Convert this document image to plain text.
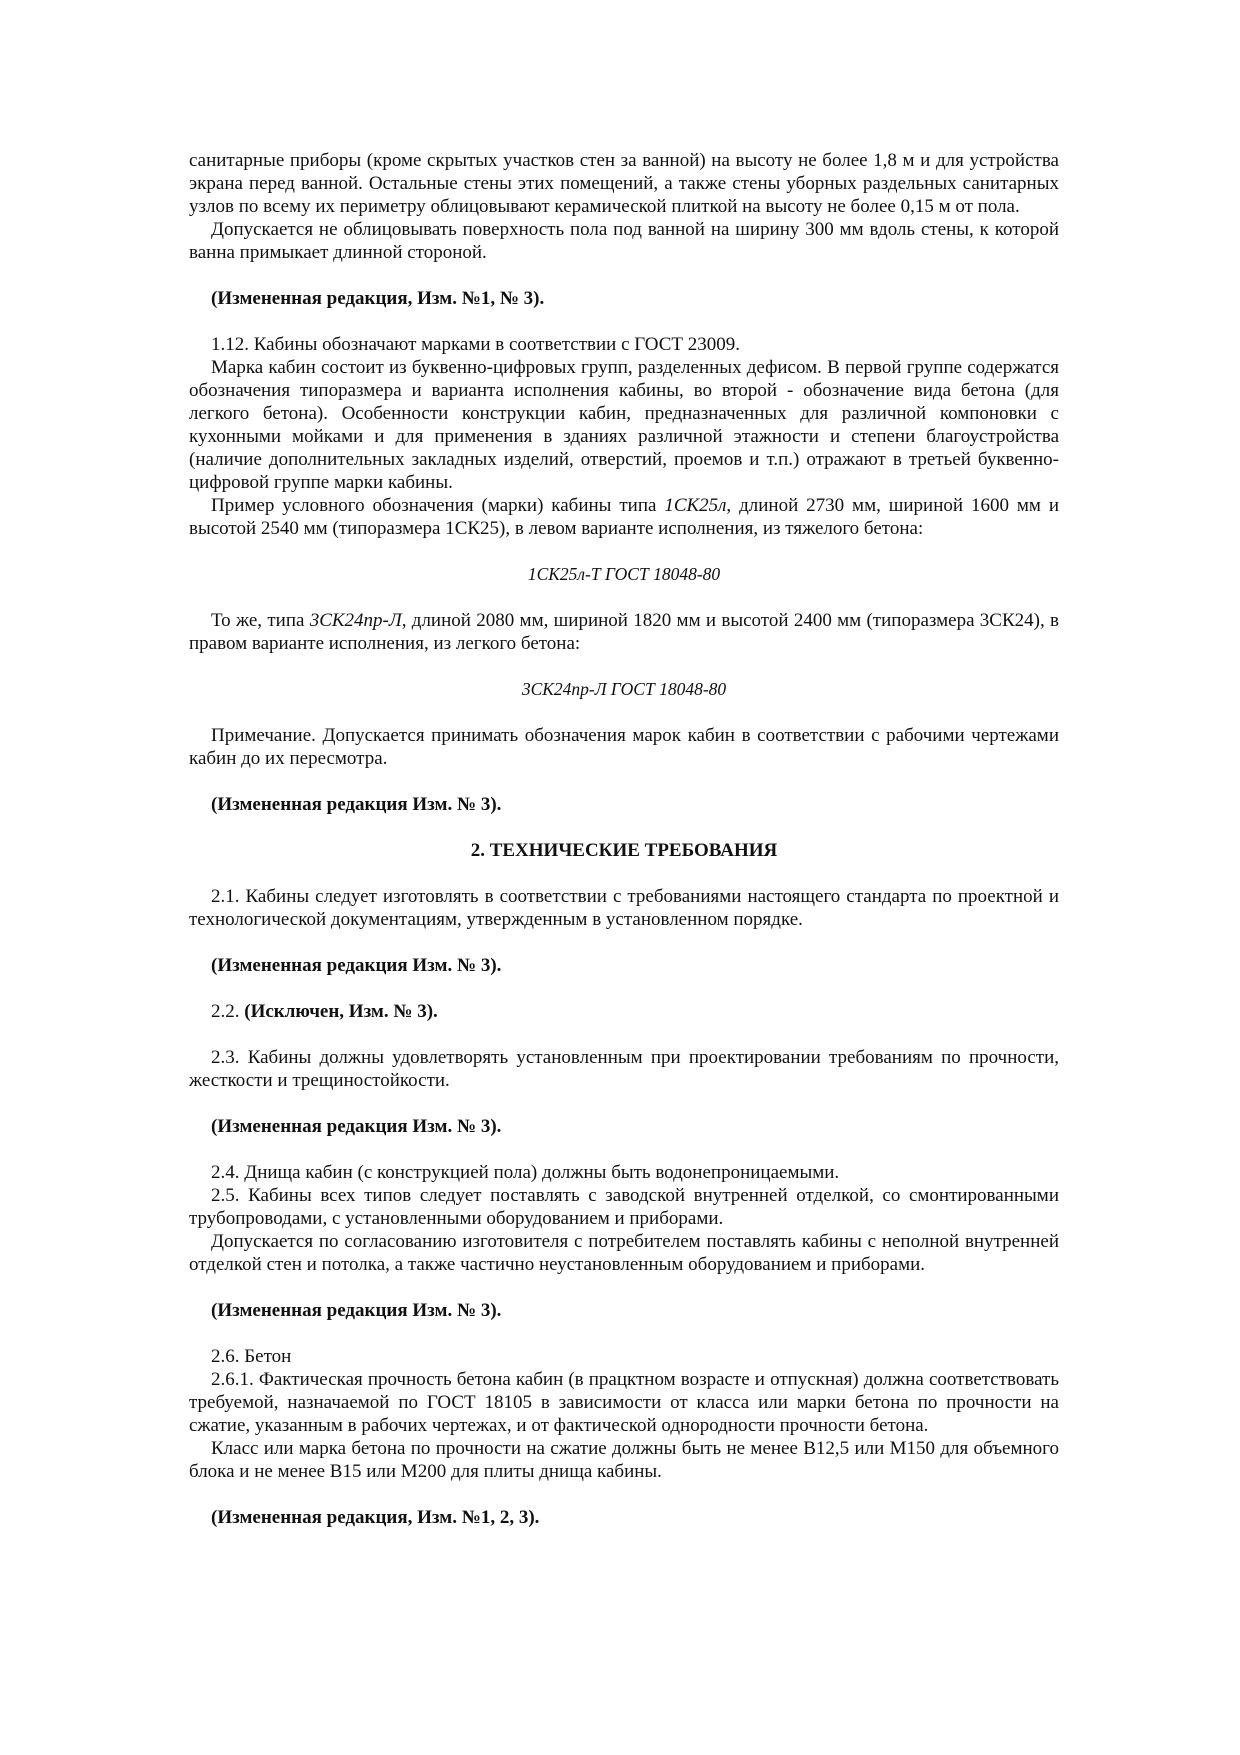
санитарные приборы (кроме скрытых участков стен за ванной) на высоту не более 1,8 м и для устройства экрана перед ванной. Остальные стены этих помещений, а также стены уборных раздельных санитарных узлов по всему их периметру облицовывают керамической плиткой на высоту не более 0,15 м от пола.

Допускается не облицовывать поверхность пола под ванной на ширину 300 мм вдоль стены, к которой ванна примыкает длинной стороной.

(Измененная редакция, Изм. №1, № 3).

1.12. Кабины обозначают марками в соответствии с ГОСТ 23009.

Марка кабин состоит из буквенно-цифровых групп, разделенных дефисом. В первой группе содержатся обозначения типоразмера и варианта исполнения кабины, во второй - обозначение вида бетона (для легкого бетона). Особенности конструкции кабин, предназначенных для различной компоновки с кухонными мойками и для применения в зданиях различной этажности и степени благоустройства (наличие дополнительных закладных изделий, отверстий, проемов и т.п.) отражают в третьей буквенно-цифровой группе марки кабины.

Пример условного обозначения (марки) кабины типа 1СК25л, длиной 2730 мм, шириной 1600 мм и высотой 2540 мм (типоразмера 1СК25), в левом варианте исполнения, из тяжелого бетона:

1СК25л-Т ГОСТ 18048-80

То же, типа 3СК24пр-Л, длиной 2080 мм, шириной 1820 мм и высотой 2400 мм (типоразмера 3СК24), в правом варианте исполнения, из легкого бетона:

3СК24пр-Л ГОСТ 18048-80

Примечание. Допускается принимать обозначения марок кабин в соответствии с рабочими чертежами кабин до их пересмотра.

(Измененная редакция Изм. № 3).

2. ТЕХНИЧЕСКИЕ ТРЕБОВАНИЯ

2.1. Кабины следует изготовлять в соответствии с требованиями настоящего стандарта по проектной и технологической документациям, утвержденным в установленном порядке.

(Измененная редакция Изм. № 3).

2.2. (Исключен, Изм. № 3).

2.3. Кабины должны удовлетворять установленным при проектировании требованиям по прочности, жесткости и трещиностойкости.

(Измененная редакция Изм. № 3).

2.4. Днища кабин (с конструкцией пола) должны быть водонепроницаемыми.

2.5. Кабины всех типов следует поставлять с заводской внутренней отделкой, со смонтированными трубопроводами, с установленными оборудованием и приборами.

Допускается по согласованию изготовителя с потребителем поставлять кабины с неполной внутренней отделкой стен и потолка, а также частично неустановленным оборудованием и приборами.

(Измененная редакция Изм. № 3).

2.6. Бетон

2.6.1. Фактическая прочность бетона кабин (в працктном возрасте и отпускная) должна соответствовать требуемой, назначаемой по ГОСТ 18105 в зависимости от класса или марки бетона по прочности на сжатие, указанным в рабочих чертежах, и от фактической однородности прочности бетона.

Класс или марка бетона по прочности на сжатие должны быть не менее В12,5 или М150 для объемного блока и не менее В15 или М200 для плиты днища кабины.

(Измененная редакция, Изм. №1, 2, 3).
